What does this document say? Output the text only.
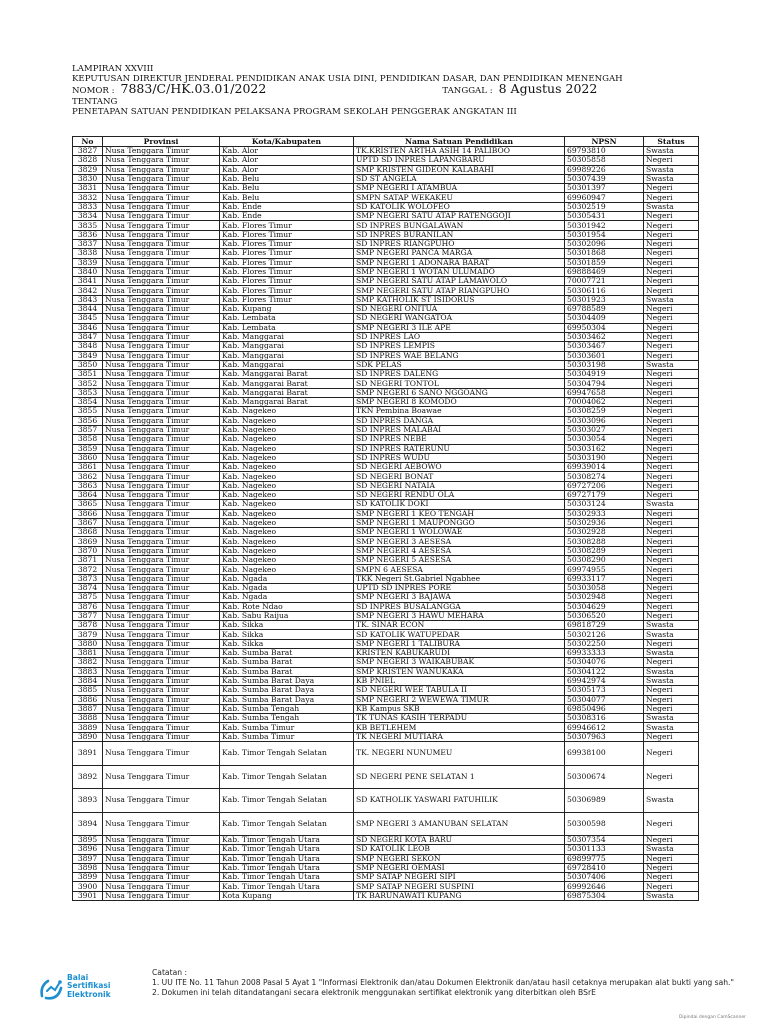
LAMPIRAN XXVIII
KEPUTUSAN DIREKTUR JENDERAL PENDIDIKAN ANAK USIA DINI, PENDIDIKAN DASAR, DAN PENDIDIKAN MENENGAH
NOMOR : 7883/C/HK.03.01/2022	TANGGAL : 8 Agustus 2022
TENTANG
PENETAPAN SATUAN PENDIDIKAN PELAKSANA PROGRAM SEKOLAH PENGGERAK ANGKATAN III
No	Provinsi	Kota/Kabupaten	Nama Satuan Pendidikan	NPSN	Status
3827	Nusa Tenggara Timur	Kab. Alor	TK.KRISTEN ARTHA ASIH 14 PALIBOO	69793810	Swasta
3828	Nusa Tenggara Timur	Kab. Alor	UPTD SD INPRES LAPANGBARU	50305858	Negeri
3829	Nusa Tenggara Timur	Kab. Alor	SMP KRISTEN GIDEON KALABAHI	69989226	Swasta
3830	Nusa Tenggara Timur	Kab. Belu	SD ST ANGELA	50307439	Swasta
3831	Nusa Tenggara Timur	Kab. Belu	SMP NEGERI I ATAMBUA	50301397	Negeri
3832	Nusa Tenggara Timur	Kab. Belu	SMPN SATAP WEKAKEU	69960947	Negeri
3833	Nusa Tenggara Timur	Kab. Ende	SD KATOLIK WOLOFEO	50302519	Swasta
3834	Nusa Tenggara Timur	Kab. Ende	SMP NEGERI SATU ATAP RATENGGOJI	50305431	Negeri
3835	Nusa Tenggara Timur	Kab. Flores Timur	SD INPRES BUNGALAWAN	50301942	Negeri
3836	Nusa Tenggara Timur	Kab. Flores Timur	SD INPRES BURANILAN	50301954	Negeri
3837	Nusa Tenggara Timur	Kab. Flores Timur	SD INPRES RIANGPUHO	50302096	Negeri
3838	Nusa Tenggara Timur	Kab. Flores Timur	SMP NEGERI PANCA MARGA	50301868	Negeri
3839	Nusa Tenggara Timur	Kab. Flores Timur	SMP NEGERI 1 ADONARA BARAT	50301859	Negeri
3840	Nusa Tenggara Timur	Kab. Flores Timur	SMP NEGERI 1 WOTAN ULUMADO	69888469	Negeri
3841	Nusa Tenggara Timur	Kab. Flores Timur	SMP NEGERI SATU ATAP LAMAWOLO	70007721	Negeri
3842	Nusa Tenggara Timur	Kab. Flores Timur	SMP NEGERI SATU ATAP RIANGPUHO	50306116	Negeri
3843	Nusa Tenggara Timur	Kab. Flores Timur	SMP KATHOLIK ST ISIDORUS	50301923	Swasta
3844	Nusa Tenggara Timur	Kab. Kupang	SD NEGERI ONITUA	69788589	Negeri
3845	Nusa Tenggara Timur	Kab. Lembata	SD NEGERI WANGATOA	50304409	Negeri
3846	Nusa Tenggara Timur	Kab. Lembata	SMP NEGERI 3 ILE APE	69950304	Negeri
3847	Nusa Tenggara Timur	Kab. Manggarai	SD INPRES LAO	50303462	Negeri
3848	Nusa Tenggara Timur	Kab. Manggarai	SD INPRES LEMPIS	50303467	Negeri
3849	Nusa Tenggara Timur	Kab. Manggarai	SD INPRES WAE BELANG	50303601	Negeri
3850	Nusa Tenggara Timur	Kab. Manggarai	SDK PELAS	50303198	Swasta
3851	Nusa Tenggara Timur	Kab. Manggarai Barat	SD INPRES DALENG	50304919	Negeri
3852	Nusa Tenggara Timur	Kab. Manggarai Barat	SD NEGERI TONTOL	50304794	Negeri
3853	Nusa Tenggara Timur	Kab. Manggarai Barat	SMP NEGERI 6 SANO NGGOANG	69947658	Negeri
3854	Nusa Tenggara Timur	Kab. Manggarai Barat	SMP NEGERI 8 KOMODO	70004062	Negeri
3855	Nusa Tenggara Timur	Kab. Nagekeo	TKN Pembina Boawae	50308259	Negeri
3856	Nusa Tenggara Timur	Kab. Nagekeo	SD INPRES DANGA	50303096	Negeri
3857	Nusa Tenggara Timur	Kab. Nagekeo	SD INPRES MALABAI	50303027	Negeri
3858	Nusa Tenggara Timur	Kab. Nagekeo	SD INPRES NEBE	50303054	Negeri
3859	Nusa Tenggara Timur	Kab. Nagekeo	SD INPRES RATERUNU	50303162	Negeri
3860	Nusa Tenggara Timur	Kab. Nagekeo	SD INPRES WUDU	50303190	Negeri
3861	Nusa Tenggara Timur	Kab. Nagekeo	SD NEGERI AEBOWO	69939014	Negeri
3862	Nusa Tenggara Timur	Kab. Nagekeo	SD NEGERI BONAT	50308274	Negeri
3863	Nusa Tenggara Timur	Kab. Nagekeo	SD NEGERI NATAIA	69727206	Negeri
3864	Nusa Tenggara Timur	Kab. Nagekeo	SD NEGERI RENDU OLA	69727179	Negeri
3865	Nusa Tenggara Timur	Kab. Nagekeo	SD KATOLIK DOKI	50303124	Swasta
3866	Nusa Tenggara Timur	Kab. Nagekeo	SMP NEGERI 1 KEO TENGAH	50302933	Negeri
3867	Nusa Tenggara Timur	Kab. Nagekeo	SMP NEGERI 1 MAUPONGGO	50302936	Negeri
3868	Nusa Tenggara Timur	Kab. Nagekeo	SMP NEGERI 1 WOLOWAE	50302928	Negeri
3869	Nusa Tenggara Timur	Kab. Nagekeo	SMP NEGERI 3 AESESA	50308288	Negeri
3870	Nusa Tenggara Timur	Kab. Nagekeo	SMP NEGERI 4 AESESA	50308289	Negeri
3871	Nusa Tenggara Timur	Kab. Nagekeo	SMP NEGERI 5 AESESA	50308290	Negeri
3872	Nusa Tenggara Timur	Kab. Nagekeo	SMPN 6 AESESA	69974955	Negeri
3873	Nusa Tenggara Timur	Kab. Ngada	TKK Negeri St.Gabriel Ngabhee	69933117	Negeri
3874	Nusa Tenggara Timur	Kab. Ngada	UPTD SD INPRES PORE	50303058	Negeri
3875	Nusa Tenggara Timur	Kab. Ngada	SMP NEGERI 3 BAJAWA	50302948	Negeri
3876	Nusa Tenggara Timur	Kab. Rote Ndao	SD INPRES BUSALANGGA	50304629	Negeri
3877	Nusa Tenggara Timur	Kab. Sabu Raijua	SMP NEGERI 3 HAWU MEHARA	50306520	Negeri
3878	Nusa Tenggara Timur	Kab. Sikka	TK. SINAR ECON	69818729	Swasta
3879	Nusa Tenggara Timur	Kab. Sikka	SD KATOLIK WATUPEDAR	50302126	Swasta
3880	Nusa Tenggara Timur	Kab. Sikka	SMP NEGERI 1 TALIBURA	50302250	Negeri
3881	Nusa Tenggara Timur	Kab. Sumba Barat	KRISTEN KABUKARUDI	69933333	Swasta
3882	Nusa Tenggara Timur	Kab. Sumba Barat	SMP NEGERI 3 WAIKABUBAK	50304076	Negeri
3883	Nusa Tenggara Timur	Kab. Sumba Barat	SMP KRISTEN WANUKAKA	50304122	Swasta
3884	Nusa Tenggara Timur	Kab. Sumba Barat Daya	KB PNIEL	69942974	Swasta
3885	Nusa Tenggara Timur	Kab. Sumba Barat Daya	SD NEGERI WEE TABULA II	50305173	Negeri
3886	Nusa Tenggara Timur	Kab. Sumba Barat Daya	SMP NEGERI 2 WEWEWA TIMUR	50304077	Negeri
3887	Nusa Tenggara Timur	Kab. Sumba Tengah	KB Kampus SKB	69850496	Negeri
3888	Nusa Tenggara Timur	Kab. Sumba Tengah	TK TUNAS KASIH TERPADU	50308316	Swasta
3889	Nusa Tenggara Timur	Kab. Sumba Timur	KB BETLEHEM	69946612	Swasta
3890	Nusa Tenggara Timur	Kab. Sumba Timur	TK NEGERI MUTIARA	50307963	Negeri
3891	Nusa Tenggara Timur	Kab. Timor Tengah Selatan	TK. NEGERI NUNUMEU	69938100	Negeri
3892	Nusa Tenggara Timur	Kab. Timor Tengah Selatan	SD NEGERI PENE SELATAN 1	50300674	Negeri
3893	Nusa Tenggara Timur	Kab. Timor Tengah Selatan	SD KATHOLIK YASWARI FATUHILIK	50306989	Swasta
3894	Nusa Tenggara Timur	Kab. Timor Tengah Selatan	SMP NEGERI 3 AMANUBAN SELATAN	50300598	Negeri
3895	Nusa Tenggara Timur	Kab. Timor Tengah Utara	SD NEGERI KOTA BARU	50307354	Negeri
3896	Nusa Tenggara Timur	Kab. Timor Tengah Utara	SD KATOLIK LEOB	50301133	Swasta
3897	Nusa Tenggara Timur	Kab. Timor Tengah Utara	SMP NEGERI SEKON	69899775	Negeri
3898	Nusa Tenggara Timur	Kab. Timor Tengah Utara	SMP NEGERI OEMASI	69728410	Negeri
3899	Nusa Tenggara Timur	Kab. Timor Tengah Utara	SMP SATAP NEGERI SIPI	50307406	Negeri
3900	Nusa Tenggara Timur	Kab. Timor Tengah Utara	SMP SATAP NEGERI SUSPINI	69992646	Negeri
3901	Nusa Tenggara Timur	Kota Kupang	TK BARUNAWATI KUPANG	69875304	Swasta
Balai
Sertifikasi
Elektronik
Catatan :
1. UU ITE No. 11 Tahun 2008 Pasal 5 Ayat 1 "Informasi Elektronik dan/atau Dokumen Elektronik dan/atau hasil cetaknya merupakan alat bukti yang sah."
2. Dokumen ini telah ditandatangani secara elektronik menggunakan sertifikat elektronik yang diterbitkan oleh BSrE
Dipindai dengan CamScanner
